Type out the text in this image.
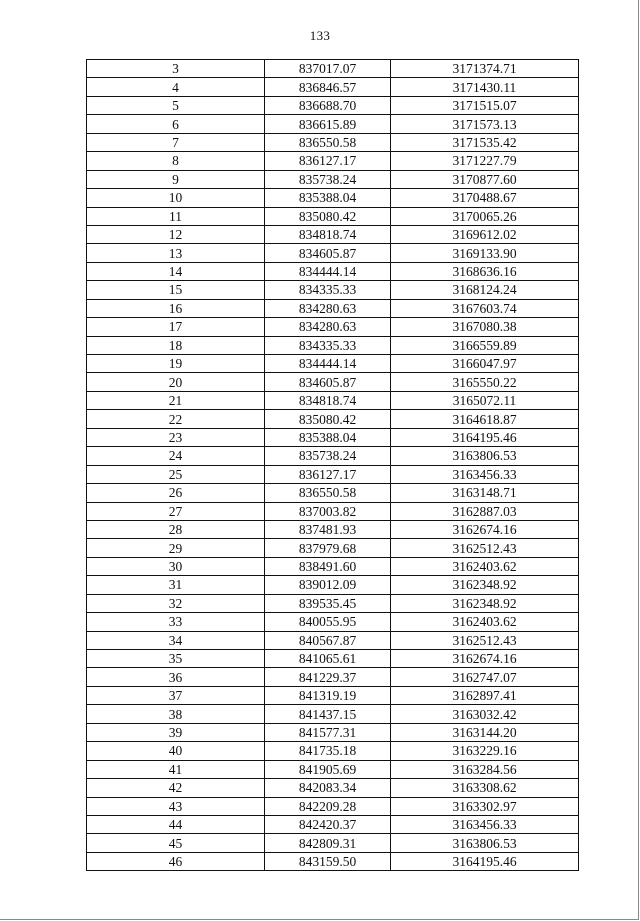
133
3	837017.07	3171374.71
4	836846.57	3171430.11
5	836688.70	3171515.07
6	836615.89	3171573.13
7	836550.58	3171535.42
8	836127.17	3171227.79
9	835738.24	3170877.60
10	835388.04	3170488.67
11	835080.42	3170065.26
12	834818.74	3169612.02
13	834605.87	3169133.90
14	834444.14	3168636.16
15	834335.33	3168124.24
16	834280.63	3167603.74
17	834280.63	3167080.38
18	834335.33	3166559.89
19	834444.14	3166047.97
20	834605.87	3165550.22
21	834818.74	3165072.11
22	835080.42	3164618.87
23	835388.04	3164195.46
24	835738.24	3163806.53
25	836127.17	3163456.33
26	836550.58	3163148.71
27	837003.82	3162887.03
28	837481.93	3162674.16
29	837979.68	3162512.43
30	838491.60	3162403.62
31	839012.09	3162348.92
32	839535.45	3162348.92
33	840055.95	3162403.62
34	840567.87	3162512.43
35	841065.61	3162674.16
36	841229.37	3162747.07
37	841319.19	3162897.41
38	841437.15	3163032.42
39	841577.31	3163144.20
40	841735.18	3163229.16
41	841905.69	3163284.56
42	842083.34	3163308.62
43	842209.28	3163302.97
44	842420.37	3163456.33
45	842809.31	3163806.53
46	843159.50	3164195.46
